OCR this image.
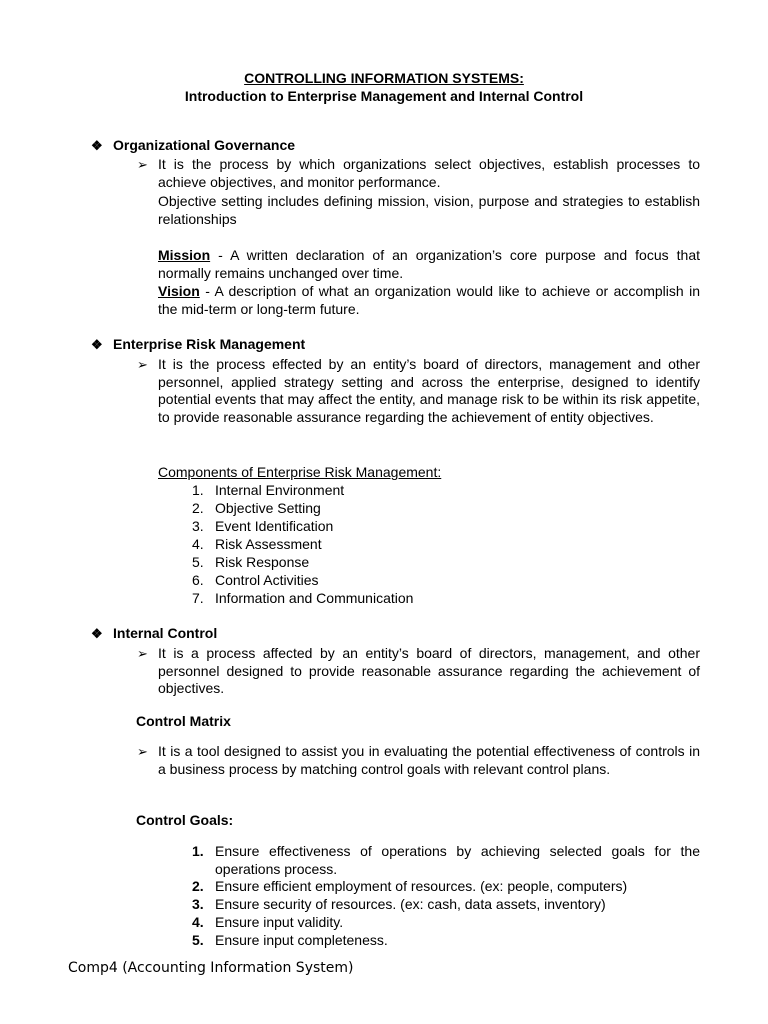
CONTROLLING INFORMATION SYSTEMS:
Introduction to Enterprise Management and Internal Control
❖ Organizational Governance
➢ It is the process by which organizations select objectives, establish processes to achieve objectives, and monitor performance.
Objective setting includes defining mission, vision, purpose and strategies to establish relationships
Mission - A written declaration of an organization’s core purpose and focus that normally remains unchanged over time.
Vision - A description of what an organization would like to achieve or accomplish in the mid-term or long-term future.
❖ Enterprise Risk Management
➢ It is the process effected by an entity’s board of directors, management and other personnel, applied strategy setting and across the enterprise, designed to identify potential events that may affect the entity, and manage risk to be within its risk appetite, to provide reasonable assurance regarding the achievement of entity objectives.
Components of Enterprise Risk Management:
1. Internal Environment
2. Objective Setting
3. Event Identification
4. Risk Assessment
5. Risk Response
6. Control Activities
7. Information and Communication
❖ Internal Control
➢ It is a process affected by an entity’s board of directors, management, and other personnel designed to provide reasonable assurance regarding the achievement of objectives.
Control Matrix
➢ It is a tool designed to assist you in evaluating the potential effectiveness of controls in a business process by matching control goals with relevant control plans.
Control Goals:
1. Ensure effectiveness of operations by achieving selected goals for the operations process.
2. Ensure efficient employment of resources. (ex: people, computers)
3. Ensure security of resources. (ex: cash, data assets, inventory)
4. Ensure input validity.
5. Ensure input completeness.
Comp4 (Accounting Information System)
